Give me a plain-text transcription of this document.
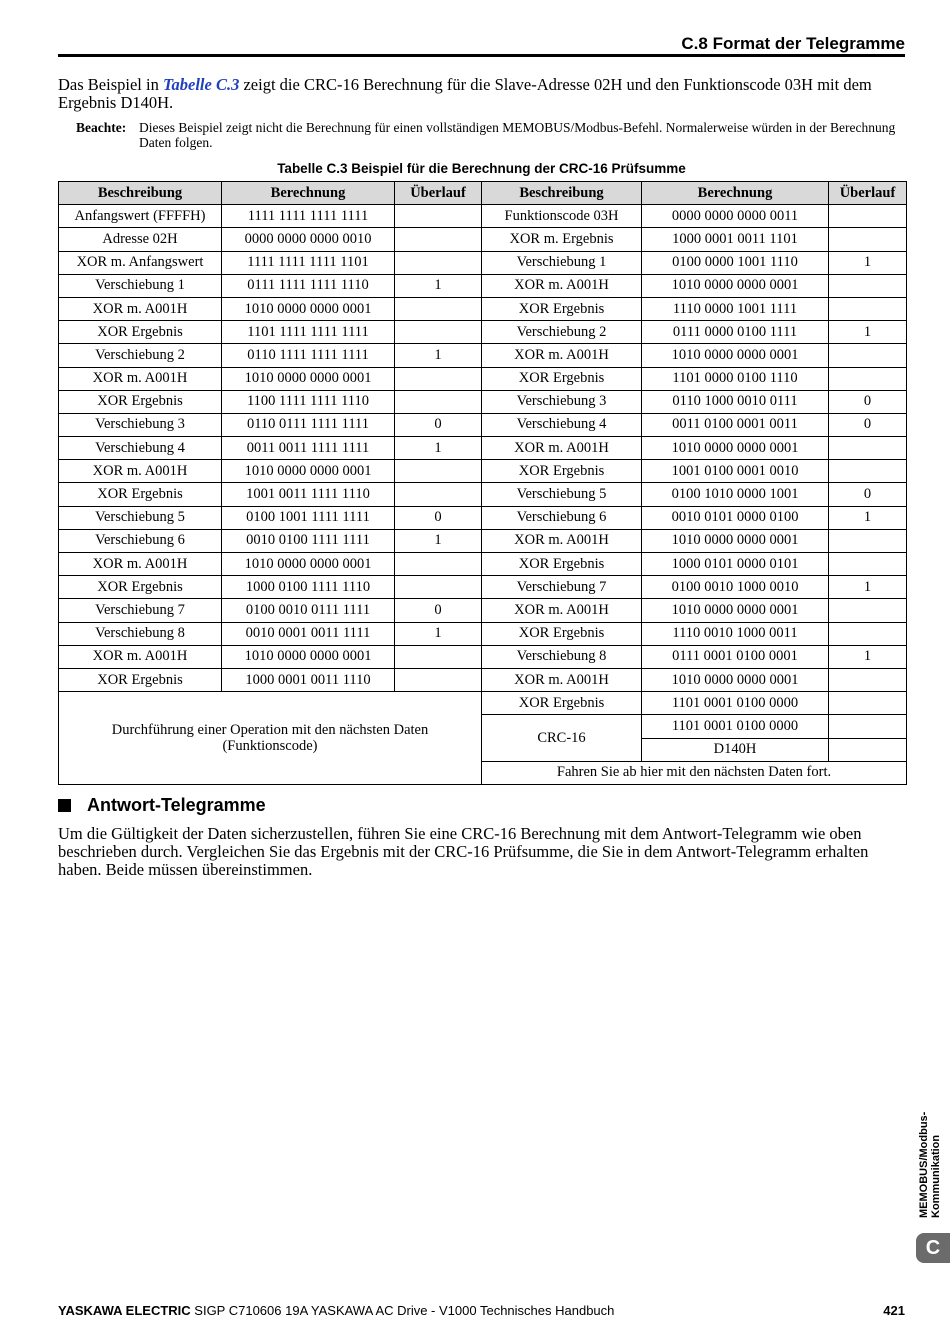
C.8 Format der Telegramme
Das Beispiel in Tabelle C.3 zeigt die CRC-16 Berechnung für die Slave-Adresse 02H und den Funktionscode 03H mit dem Ergebnis D140H.
Beachte: Dieses Beispiel zeigt nicht die Berechnung für einen vollständigen MEMOBUS/Modbus-Befehl. Normalerweise würden in der Berechnung Daten folgen.
Tabelle C.3 Beispiel für die Berechnung der CRC-16 Prüfsumme
Beschreibung	Berechnung	Überlauf	Beschreibung	Berechnung	Überlauf
Anfangswert (FFFFH)	1111 1111 1111 1111		Funktionscode 03H	0000 0000 0000 0011	
Adresse 02H	0000 0000 0000 0010		XOR m. Ergebnis	1000 0001 0011 1101	
XOR m. Anfangswert	1111 1111 1111 1101		Verschiebung 1	0100 0000 1001 1110	1
Verschiebung 1	0111 1111 1111 1110	1	XOR m. A001H	1010 0000 0000 0001	
XOR m. A001H	1010 0000 0000 0001		XOR Ergebnis	1110 0000 1001 1111	
XOR Ergebnis	1101 1111 1111 1111		Verschiebung 2	0111 0000 0100 1111	1
Verschiebung 2	0110 1111 1111 1111	1	XOR m. A001H	1010 0000 0000 0001	
XOR m. A001H	1010 0000 0000 0001		XOR Ergebnis	1101 0000 0100 1110	
XOR Ergebnis	1100 1111 1111 1110		Verschiebung 3	0110 1000 0010 0111	0
Verschiebung 3	0110 0111 1111 1111	0	Verschiebung 4	0011 0100 0001 0011	0
Verschiebung 4	0011 0011 1111 1111	1	XOR m. A001H	1010 0000 0000 0001	
XOR m. A001H	1010 0000 0000 0001		XOR Ergebnis	1001 0100 0001 0010	
XOR Ergebnis	1001 0011 1111 1110		Verschiebung 5	0100 1010 0000 1001	0
Verschiebung 5	0100 1001 1111 1111	0	Verschiebung 6	0010 0101 0000 0100	1
Verschiebung 6	0010 0100 1111 1111	1	XOR m. A001H	1010 0000 0000 0001	
XOR m. A001H	1010 0000 0000 0001		XOR Ergebnis	1000 0101 0000 0101	
XOR Ergebnis	1000 0100 1111 1110		Verschiebung 7	0100 0010 1000 0010	1
Verschiebung 7	0100 0010 0111 1111	0	XOR m. A001H	1010 0000 0000 0001	
Verschiebung 8	0010 0001 0011 1111	1	XOR Ergebnis	1110 0010 1000 0011	
XOR m. A001H	1010 0000 0000 0001		Verschiebung 8	0111 0001 0100 0001	1
XOR Ergebnis	1000 0001 0011 1110		XOR m. A001H	1010 0000 0000 0001	

Durchführung einer Operation mit den nächsten Daten
(Funktionscode)			XOR Ergebnis	1101 0001 0100 0000	
			CRC-16	1101 0001 0100 0000	
				D140H	
			Fahren Sie ab hier mit den nächsten Daten fort.		
Antwort-Telegramme
Um die Gültigkeit der Daten sicherzustellen, führen Sie eine CRC-16 Berechnung mit dem Antwort-Telegramm wie oben beschrieben durch. Vergleichen Sie das Ergebnis mit der CRC-16 Prüfsumme, die Sie in dem Antwort-Telegramm erhalten haben. Beide müssen übereinstimmen.
MEMOBUS/Modbus- Kommunikation
C
YASKAWA ELECTRIC SIGP C710606 19A YASKAWA AC Drive - V1000 Technisches Handbuch	421
